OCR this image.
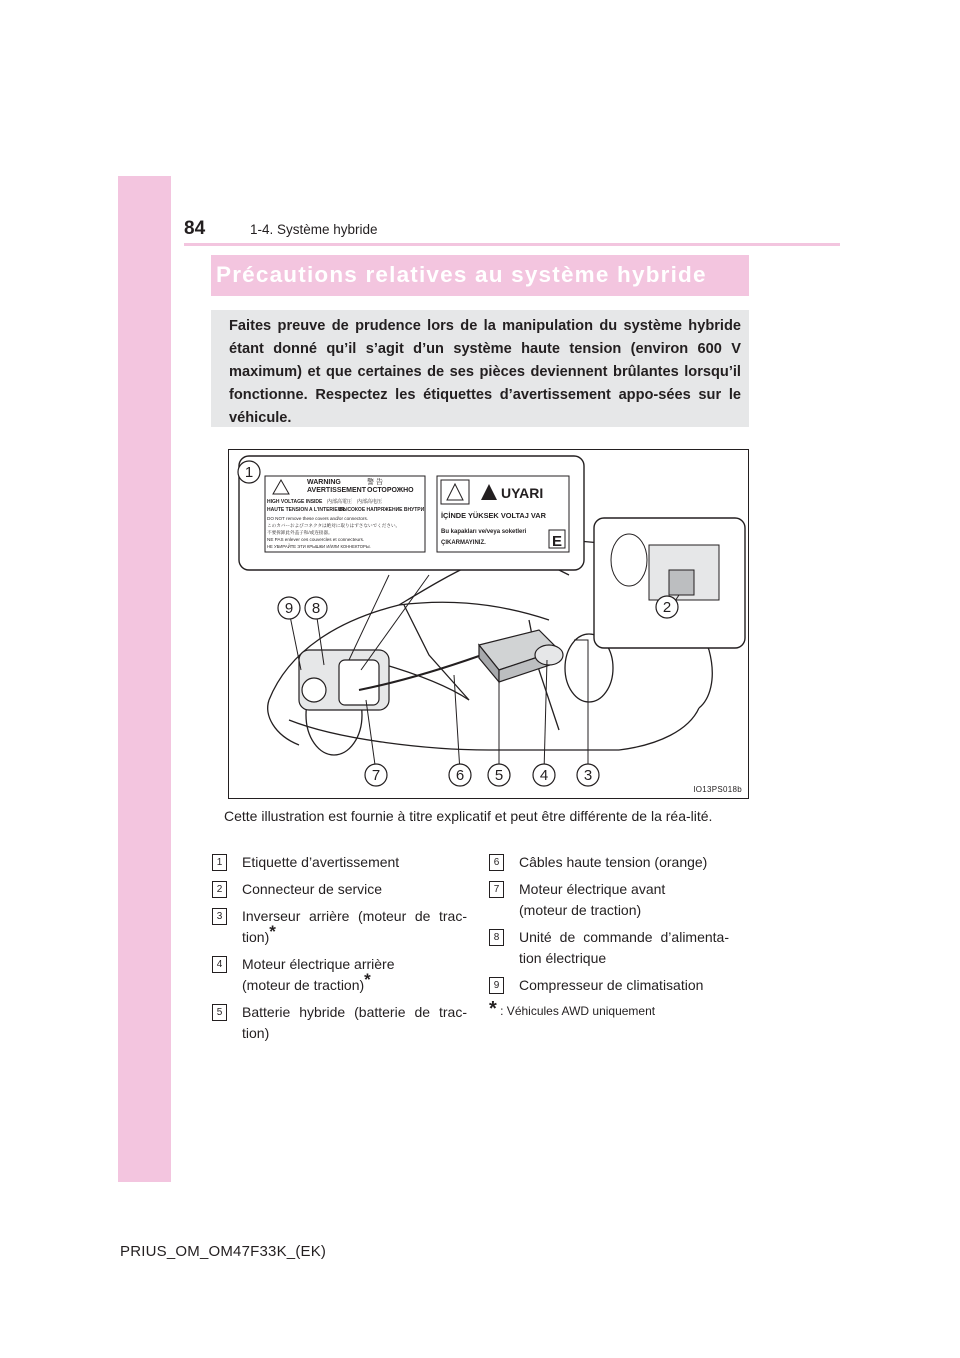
84	1-4. Système hybride
Précautions relatives au système hybride
Faites preuve de prudence lors de la manipulation du système hybride étant donné qu’il s’agit d’un système haute tension (environ 600 V maximum) et que certaines de ses pièces deviennent brûlantes lorsqu’il fonctionne. Respectez les étiquettes d’avertissement appo-sées sur le véhicule.
WARNING	警 告
AVERTISSEMENT ОСТОРОЖНО
HIGH VOLTAGE INSIDE 内部高電圧 内部高电压
HAUTE TENSION A L’INTERIEUR
ВЫСОКОЕ НАПРЯЖЕНИЕ ВНУТРИ
DO NOT remove these covers and/or connectors.
このカバーおよびコネクタは絶対に取りはずさないでください。
不要拆卸此外盖子和/或连接器。
NE PAS enlever ces couvercles et connecteurs.
НЕ УБИРАЙТЕ ЭТИ КРЫШКИ И/ИЛИ КОННЕКТОРЫ.
UYARI
İÇİNDE YÜKSEK VOLTAJ VAR
Bu kapakları ve/veya soketleri
ÇIKARMAYINIZ.	E
1
2
3
4
5
6
7
8
9
IO13PS018b
Cette illustration est fournie à titre explicatif et peut être différente de la réa-lité.
1	Etiquette d’avertissement
2	Connecteur de service
3	Inverseur arrière (moteur de trac-tion)*
4	Moteur électrique arrière
(moteur de traction)*
5	Batterie hybride (batterie de trac-tion)
6	Câbles haute tension (orange)
7	Moteur électrique avant
(moteur de traction)
8	Unité de commande d’alimenta-tion électrique
9	Compresseur de climatisation
* : Véhicules AWD uniquement
PRIUS_OM_OM47F33K_(EK)
